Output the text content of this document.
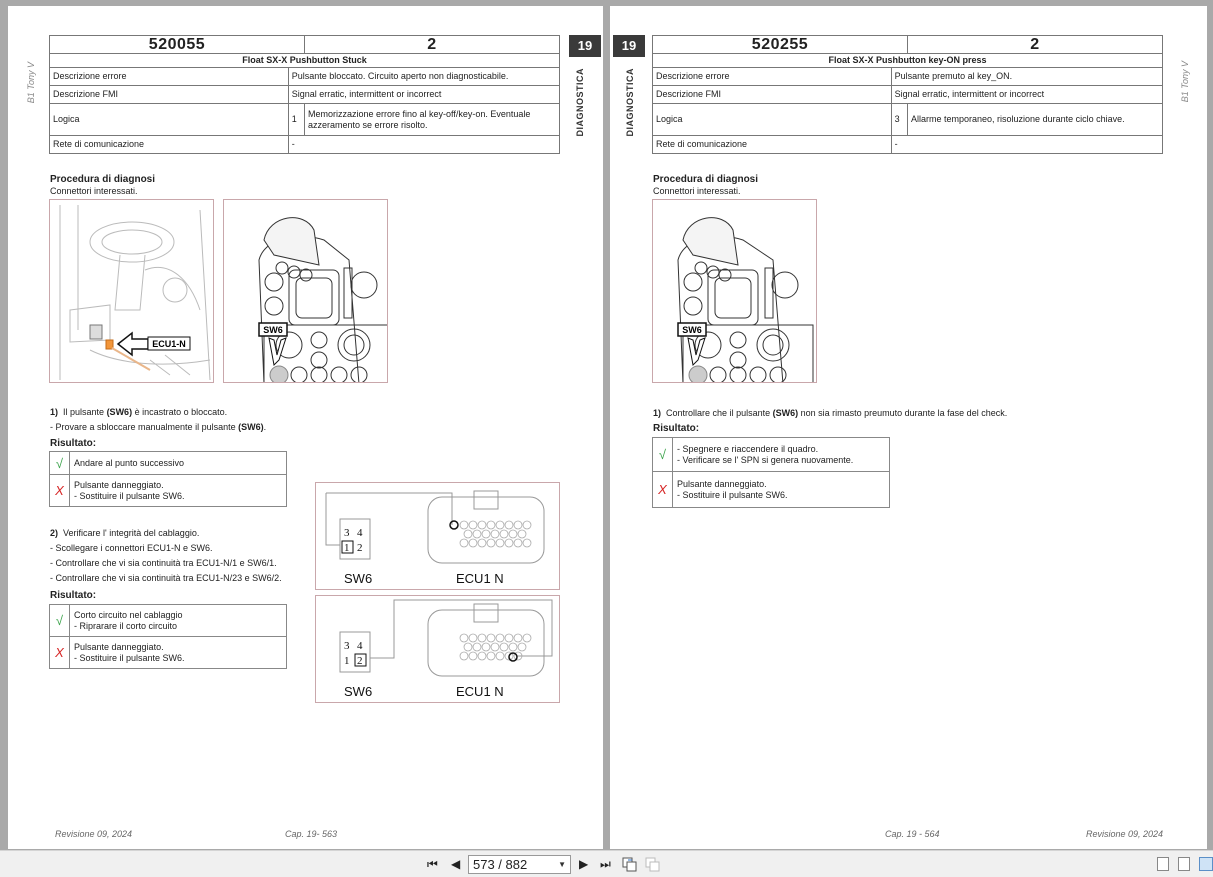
B1 Tony V
520055		2
Float SX-X Pushbutton Stuck		
Descrizione errore	Pulsante bloccato. Circuito aperto non diagnosticabile.	
Descrizione FMI	Signal erratic, intermittent or incorrect	
Logica	1	Memorizzazione errore fino al key-off/key-on. Eventuale azzeramento se errore risolto.
Rete di comunicazione	-	
19
DIAGNOSTICA
Procedura di diagnosi
Connettori interessati.
ECU1-N
SW6
1) Il pulsante (SW6) è incastrato o bloccato.
- Provare a sbloccare manualmente il pulsante (SW6).
Risultato:
√	Andare al punto successivo
X	Pulsante danneggiato.
- Sostituire il pulsante SW6.
2) Verificare l' integrità del cablaggio.
- Scollegare i connettori ECU1-N e SW6.
- Controllare che vi sia continuità tra ECU1-N/1 e SW6/1.
- Controllare che vi sia continuità tra ECU1-N/23 e SW6/2.
Risultato:
√	Corto circuito nel cablaggio
- Riprarare il corto circuito
X	Pulsante danneggiato.
- Sostituire il pulsante SW6.
3 4
1 2
SW6	ECU1 N
3 4
1 2
SW6	ECU1 N
Revisione 09, 2024	Cap. 19- 563
19
DIAGNOSTICA	B1 Tony V
520255		2
Float SX-X Pushbutton key-ON press		
Descrizione errore	Pulsante premuto al key_ON.	
Descrizione FMI	Signal erratic, intermittent or incorrect	
Logica	3	Allarme temporaneo, risoluzione durante ciclo chiave.
Rete di comunicazione	-	
Procedura di diagnosi
Connettori interessati.
SW6
1) Controllare che il pulsante (SW6) non sia rimasto preumuto durante la fase del check.
Risultato:
√	- Spegnere e riaccendere il quadro.
- Verificare se l' SPN si genera nuovamente.
X	Pulsante danneggiato.
- Sostituire il pulsante SW6.
Cap. 19 - 564	Revisione 09, 2024
⏮ ◀ 573 / 882	▼ ▶ ⏭
